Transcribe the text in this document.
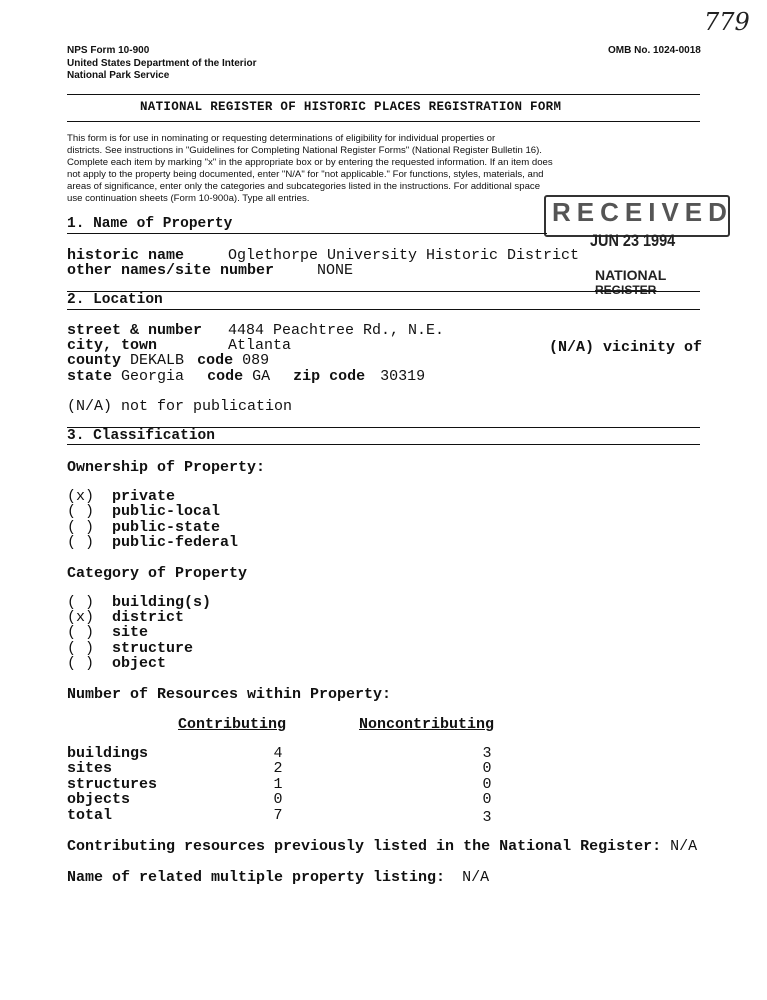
779
NPS Form 10-900
United States Department of the Interior
National Park Service
OMB No. 1024-0018
NATIONAL REGISTER OF HISTORIC PLACES REGISTRATION FORM
This form is for use in nominating or requesting determinations of eligibility for individual properties or
districts. See instructions in "Guidelines for Completing National Register Forms" (National Register Bulletin 16).
Complete each item by marking "x" in the appropriate box or by entering the requested information. If an item does
not apply to the property being documented, enter "N/A" for "not applicable." For functions, styles, materials, and
areas of significance, enter only the categories and subcategories listed in the instructions. For additional space
use continuation sheets (Form 10-900a). Type all entries.	RECEIVED
JUN 23 1994
NATIONAL
REGISTER
1. Name of Property
historic name	Oglethorpe University Historic District
other names/site number	NONE
2. Location
street & number 4484 Peachtree Rd., N.E.
city, town	Atlanta	(N/A) vicinity of
county DEKALB code 089
state Georgia code GA zip code 30319
(N/A) not for publication
3. Classification
Ownership of Property:
(x) private
( ) public-local
( ) public-state
( ) public-federal
Category of Property
( ) building(s)
(x) district
( ) site
( ) structure
( ) object
Number of Resources within Property:
Contributing	Noncontributing
buildings	4	3
sites	2	0
structures	1	0
objects	0	0
total	7	3
Contributing resources previously listed in the National Register: N/A
Name of related multiple property listing: N/A
